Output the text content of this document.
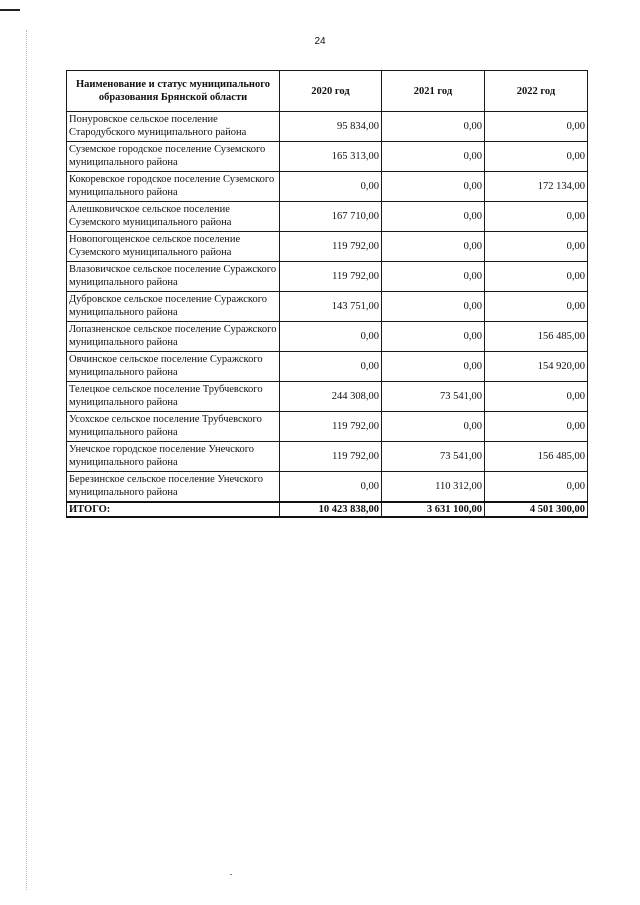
24
Наименование и статус муниципального образования Брянской области	2020 год	2021 год	2022 год
Понуровское сельское поселение Стародубского муниципального района	95 834,00	0,00	0,00
Суземское городское поселение Суземского муниципального района	165 313,00	0,00	0,00
Кокоревское городское поселение Суземского муниципального района	0,00	0,00	172 134,00
Алешковичское сельское поселение Суземского муниципального района	167 710,00	0,00	0,00
Новопогощенское сельское поселение Суземского муниципального района	119 792,00	0,00	0,00
Влазовичское сельское поселение Суражского муниципального района	119 792,00	0,00	0,00
Дубровское сельское поселение Суражского муниципального района	143 751,00	0,00	0,00
Лопазненское сельское поселение Суражского муниципального района	0,00	0,00	156 485,00
Овчинское сельское поселение Суражского муниципального района	0,00	0,00	154 920,00
Телецкое сельское поселение Трубчевского муниципального района	244 308,00	73 541,00	0,00
Усохское сельское поселение Трубчевского муниципального района	119 792,00	0,00	0,00
Унечское городское поселение Унечского муниципального района	119 792,00	73 541,00	156 485,00
Березинское сельское поселение Унечского муниципального района	0,00	110 312,00	0,00
ИТОГО:	10 423 838,00	3 631 100,00	4 501 300,00
